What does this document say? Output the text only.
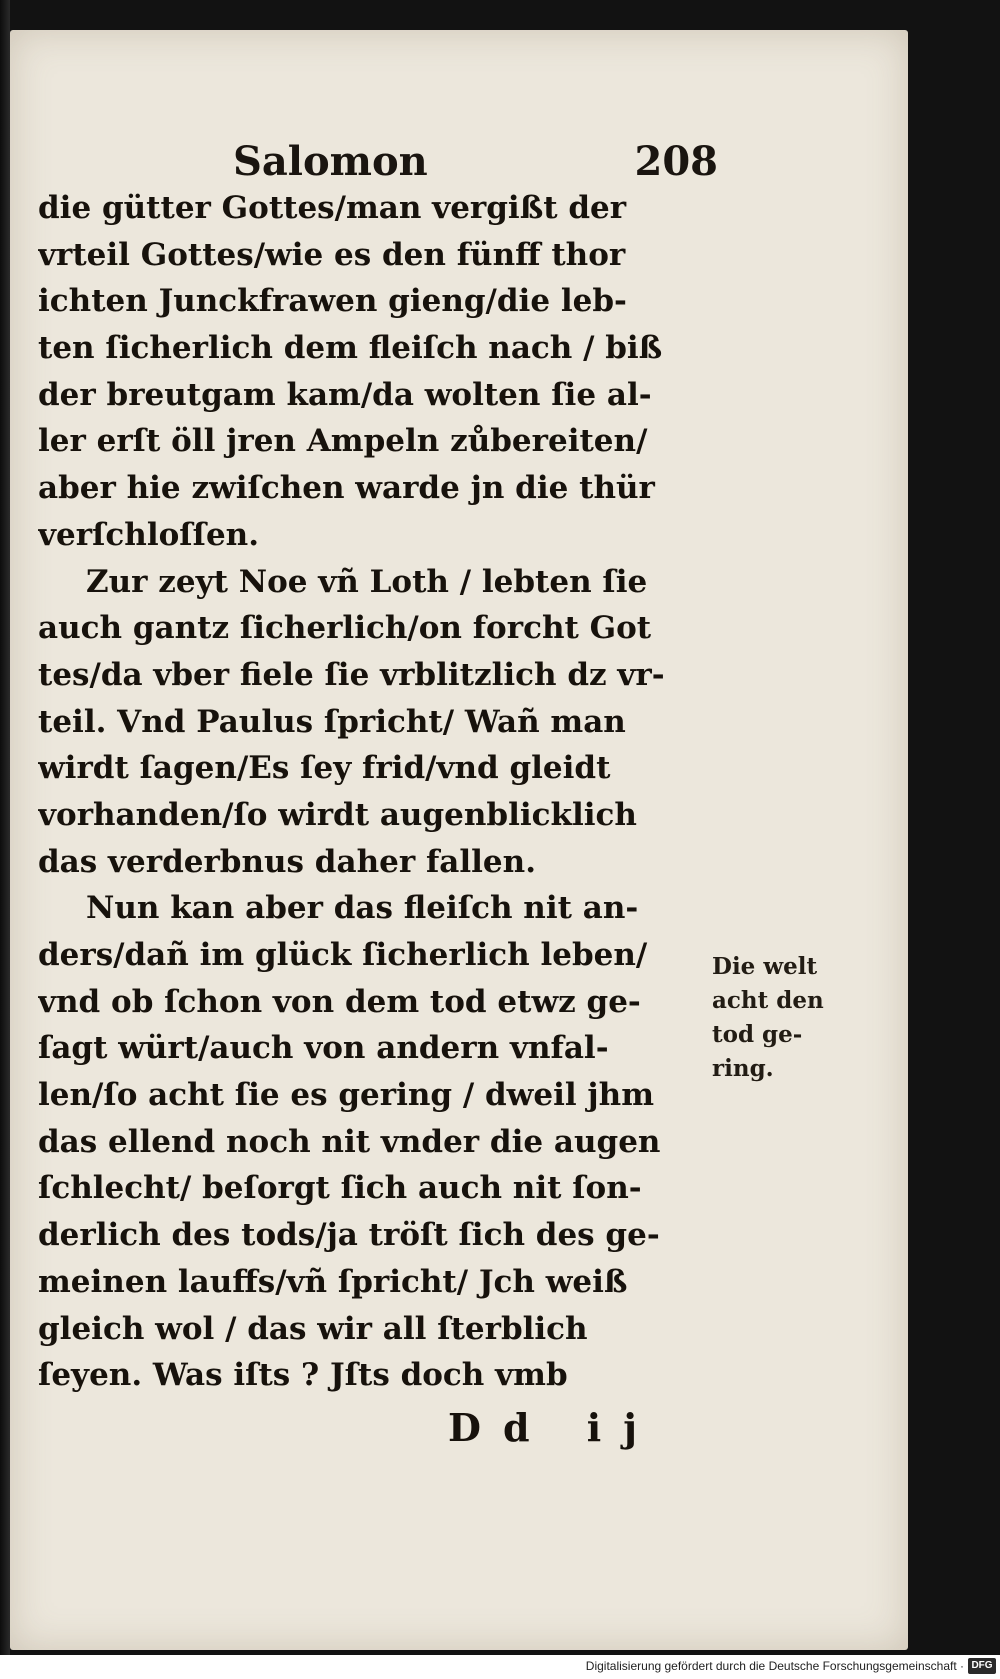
Salomon	208
die gütter Gottes/man vergißt der
vrteil Gottes/wie es den fünff thor
ichten Junckfrawen gieng/die leb-
ten ſicherlich dem fleiſch nach / biß
der breutgam kam/da wolten ſie al-
ler erſt öll jren Ampeln zůbereiten/
aber hie zwiſchen warde jn die thür
verſchloſſen.
Zur zeyt Noe vñ Loth / lebten ſie
auch gantz ſicherlich/on forcht Got
tes/da vber fiele ſie vrblitzlich dz vr-
teil. Vnd Paulus ſpricht/ Wañ man
wirdt ſagen/Es ſey frid/vnd gleidt
vorhanden/ſo wirdt augenblicklich
das verderbnus daher fallen.
Nun kan aber das fleiſch nit an-
ders/dañ im glück ſicherlich leben/
vnd ob ſchon von dem tod etwz ge-
ſagt würt/auch von andern vnfal-
len/ſo acht ſie es gering / dweil jhm
das ellend noch nit vnder die augen
ſchlecht/ beſorgt ſich auch nit ſon-
derlich des tods/ja tröſt ſich des ge-
meinen lauffs/vñ ſpricht/ Jch weiß
gleich wol / das wir all ſterblich
ſeyen. Was iſts ? Jſts doch vmb
Die welt
acht den
tod ge-
ring.
Dd ij
Digitalisierung gefördert durch die Deutsche Forschungsgemeinschaft · DFG
